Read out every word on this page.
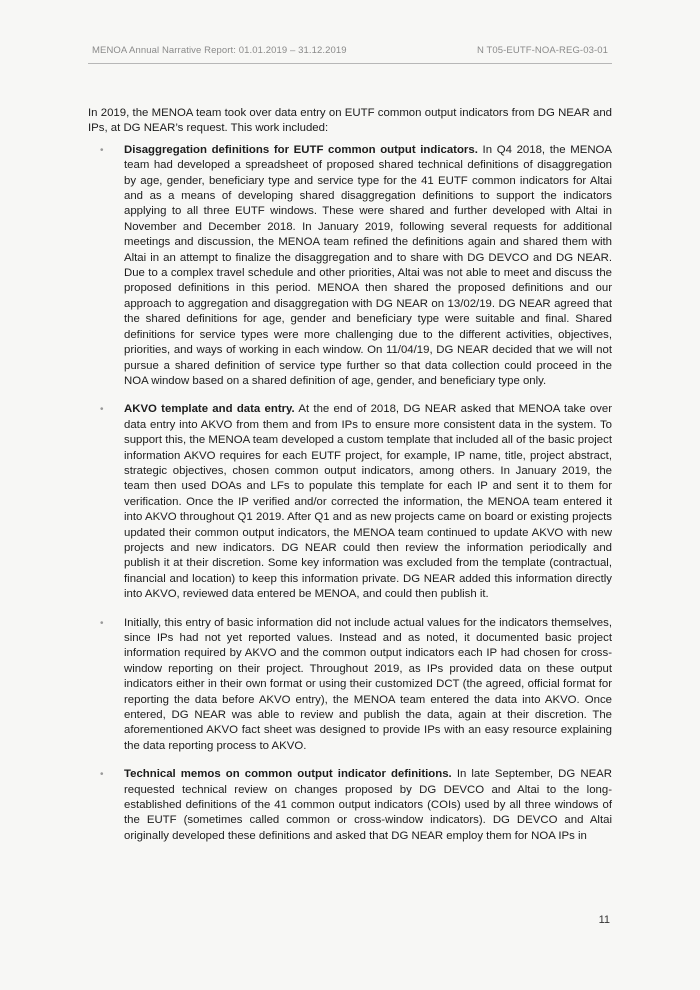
MENOA Annual Narrative Report: 01.01.2019 – 31.12.2019	N T05-EUTF-NOA-REG-03-01

In 2019, the MENOA team took over data entry on EUTF common output indicators from DG NEAR and IPs, at DG NEAR’s request. This work included:

• Disaggregation definitions for EUTF common output indicators. In Q4 2018, the MENOA team had developed a spreadsheet of proposed shared technical definitions of disaggregation by age, gender, beneficiary type and service type for the 41 EUTF common indicators for Altai and as a means of developing shared disaggregation definitions to support the indicators applying to all three EUTF windows. These were shared and further developed with Altai in November and December 2018. In January 2019, following several requests for additional meetings and discussion, the MENOA team refined the definitions again and shared them with Altai in an attempt to finalize the disaggregation and to share with DG DEVCO and DG NEAR. Due to a complex travel schedule and other priorities, Altai was not able to meet and discuss the proposed definitions in this period. MENOA then shared the proposed definitions and our approach to aggregation and disaggregation with DG NEAR on 13/02/19. DG NEAR agreed that the shared definitions for age, gender and beneficiary type were suitable and final. Shared definitions for service types were more challenging due to the different activities, objectives, priorities, and ways of working in each window. On 11/04/19, DG NEAR decided that we will not pursue a shared definition of service type further so that data collection could proceed in the NOA window based on a shared definition of age, gender, and beneficiary type only.
• AKVO template and data entry. At the end of 2018, DG NEAR asked that MENOA take over data entry into AKVO from them and from IPs to ensure more consistent data in the system. To support this, the MENOA team developed a custom template that included all of the basic project information AKVO requires for each EUTF project, for example, IP name, title, project abstract, strategic objectives, chosen common output indicators, among others. In January 2019, the team then used DOAs and LFs to populate this template for each IP and sent it to them for verification. Once the IP verified and/or corrected the information, the MENOA team entered it into AKVO throughout Q1 2019. After Q1 and as new projects came on board or existing projects updated their common output indicators, the MENOA team continued to update AKVO with new projects and new indicators. DG NEAR could then review the information periodically and publish it at their discretion. Some key information was excluded from the template (contractual, financial and location) to keep this information private. DG NEAR added this information directly into AKVO, reviewed data entered be MENOA, and could then publish it.
• Initially, this entry of basic information did not include actual values for the indicators themselves, since IPs had not yet reported values. Instead and as noted, it documented basic project information required by AKVO and the common output indicators each IP had chosen for cross-window reporting on their project. Throughout 2019, as IPs provided data on these output indicators either in their own format or using their customized DCT (the agreed, official format for reporting the data before AKVO entry), the MENOA team entered the data into AKVO. Once entered, DG NEAR was able to review and publish the data, again at their discretion. The aforementioned AKVO fact sheet was designed to provide IPs with an easy resource explaining the data reporting process to AKVO.
• Technical memos on common output indicator definitions. In late September, DG NEAR requested technical review on changes proposed by DG DEVCO and Altai to the long-established definitions of the 41 common output indicators (COIs) used by all three windows of the EUTF (sometimes called common or cross-window indicators). DG DEVCO and Altai originally developed these definitions and asked that DG NEAR employ them for NOA IPs in
11
